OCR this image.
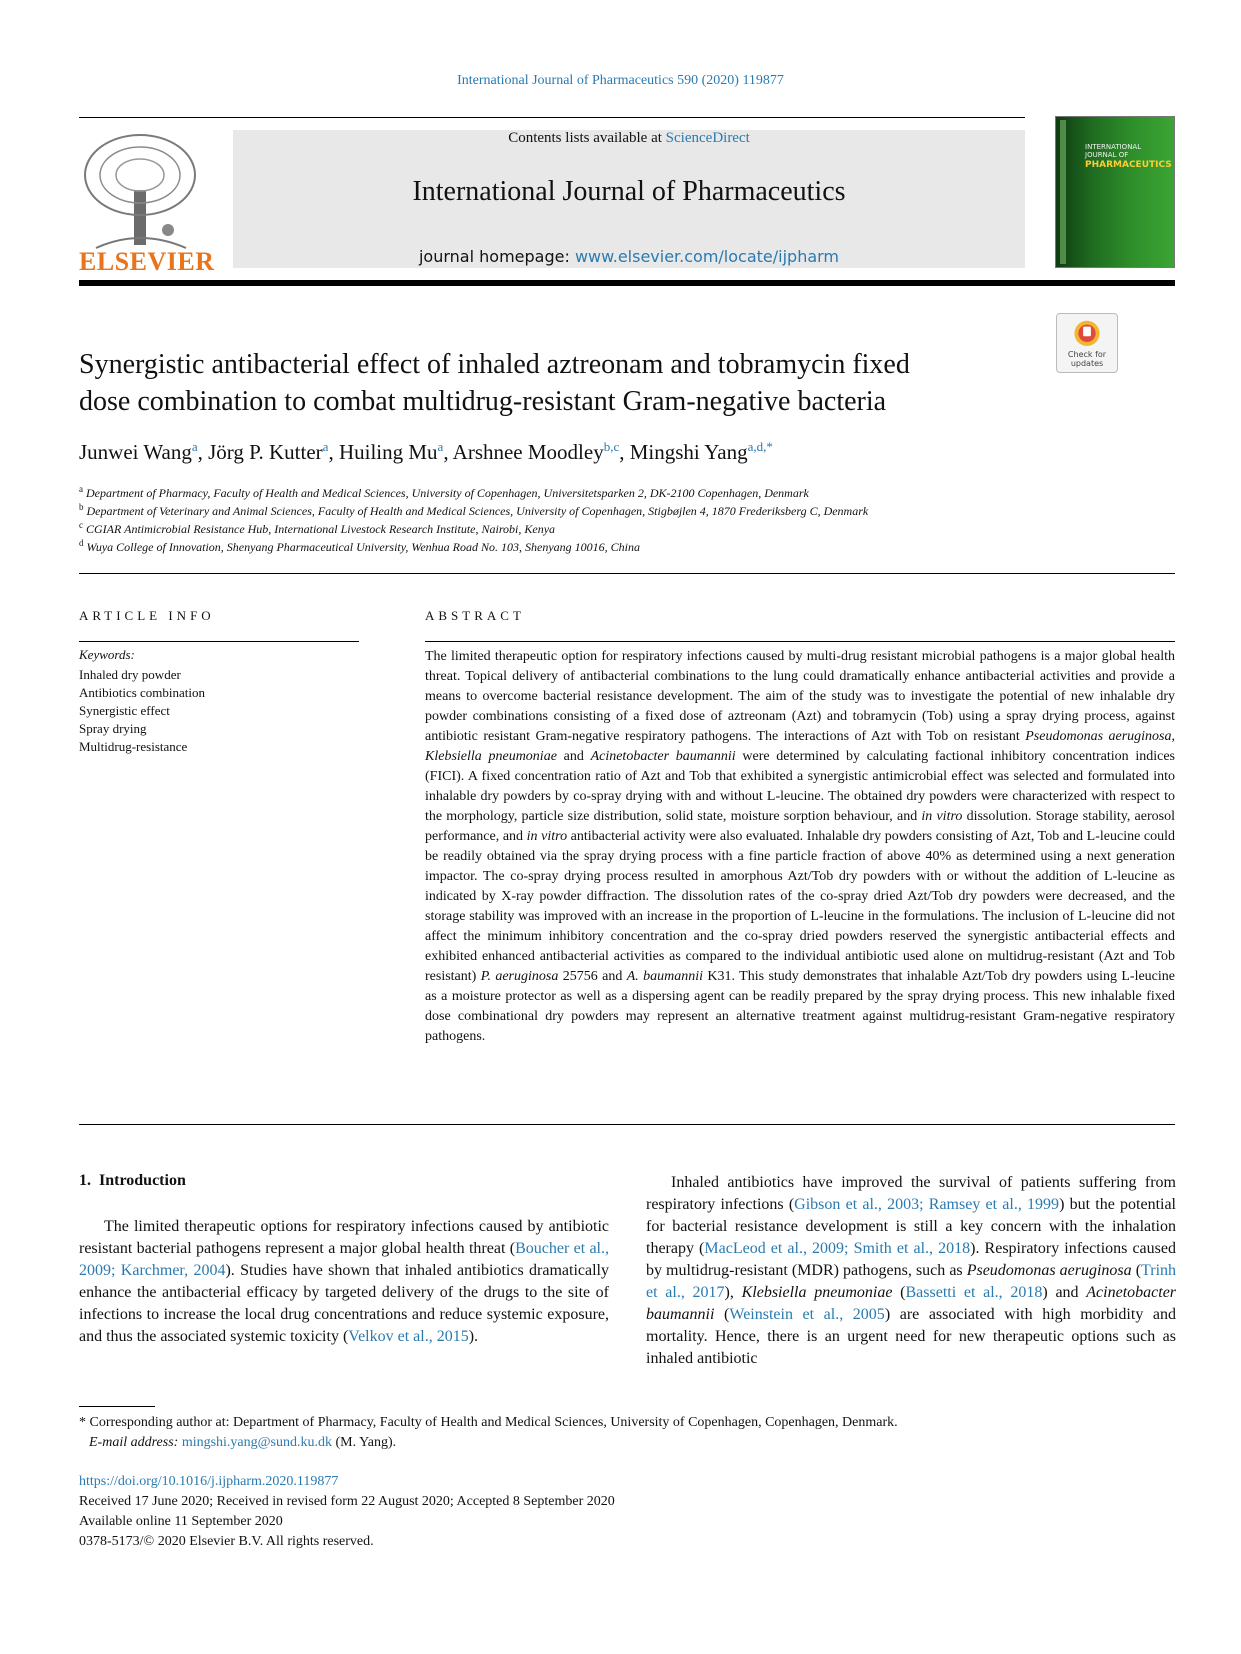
International Journal of Pharmaceutics 590 (2020) 119877
ELSEVIER
Contents lists available at ScienceDirect
International Journal of Pharmaceutics
journal homepage: www.elsevier.com/locate/ijpharm
INTERNATIONAL JOURNAL OF
PHARMACEUTICS
Synergistic antibacterial effect of inhaled aztreonam and tobramycin fixed
dose combination to combat multidrug-resistant Gram-negative bacteria
Check for
updates
Junwei Wang$^a$, Jörg P. Kutter$^a$, Huiling Mu$^a$, Arshnee Moodley$^{b,c}$, Mingshi Yang$^{a,d,*}$
$^a$ Department of Pharmacy, Faculty of Health and Medical Sciences, University of Copenhagen, Universitetsparken 2, DK-2100 Copenhagen, Denmark
$^b$ Department of Veterinary and Animal Sciences, Faculty of Health and Medical Sciences, University of Copenhagen, Stigbøjlen 4, 1870 Frederiksberg C, Denmark
$^c$ CGIAR Antimicrobial Resistance Hub, International Livestock Research Institute, Nairobi, Kenya
$^d$ Wuya College of Innovation, Shenyang Pharmaceutical University, Wenhua Road No. 103, Shenyang 10016, China
ARTICLE INFO	ABSTRACT
Keywords:
Inhaled dry powder
Antibiotics combination
Synergistic effect
Spray drying
Multidrug-resistance
The limited therapeutic option for respiratory infections caused by multi-drug resistant microbial pathogens is a major global health threat. Topical delivery of antibacterial combinations to the lung could dramatically enhance antibacterial activities and provide a means to overcome bacterial resistance development. The aim of the study was to investigate the potential of new inhalable dry powder combinations consisting of a fixed dose of aztreonam (Azt) and tobramycin (Tob) using a spray drying process, against antibiotic resistant Gram-negative respiratory pathogens. The interactions of Azt with Tob on resistant Pseudomonas aeruginosa, Klebsiella pneumoniae and Acinetobacter baumannii were determined by calculating factional inhibitory concentration indices (FICI). A fixed concentration ratio of Azt and Tob that exhibited a synergistic antimicrobial effect was selected and formulated into inhalable dry powders by co-spray drying with and without L-leucine. The obtained dry powders were characterized with respect to the morphology, particle size distribution, solid state, moisture sorption behaviour, and in vitro dissolution. Storage stability, aerosol performance, and in vitro antibacterial activity were also evaluated. Inhalable dry powders consisting of Azt, Tob and L-leucine could be readily obtained via the spray drying process with a fine particle fraction of above 40% as determined using a next generation impactor. The co-spray drying process resulted in amorphous Azt/Tob dry powders with or without the addition of L-leucine as indicated by X-ray powder diffraction. The dissolution rates of the co-spray dried Azt/Tob dry powders were decreased, and the storage stability was improved with an increase in the proportion of L-leucine in the formulations. The inclusion of L-leucine did not affect the minimum inhibitory concentration and the co-spray dried powders reserved the synergistic antibacterial effects and exhibited enhanced antibacterial activities as compared to the individual antibiotic used alone on multidrug-resistant (Azt and Tob resistant) P. aeruginosa 25756 and A. baumannii K31. This study demonstrates that inhalable Azt/Tob dry powders using L-leucine as a moisture protector as well as a dispersing agent can be readily prepared by the spray drying process. This new inhalable fixed dose combinational dry powders may represent an alternative treatment against multidrug-resistant Gram-negative respiratory pathogens.
1. Introduction
The limited therapeutic options for respiratory infections caused by antibiotic resistant bacterial pathogens represent a major global health threat (Boucher et al., 2009; Karchmer, 2004). Studies have shown that inhaled antibiotics dramatically enhance the antibacterial efficacy by targeted delivery of the drugs to the site of infections to increase the local drug concentrations and reduce systemic exposure, and thus the associated systemic toxicity (Velkov et al., 2015).
Inhaled antibiotics have improved the survival of patients suffering from respiratory infections (Gibson et al., 2003; Ramsey et al., 1999) but the potential for bacterial resistance development is still a key concern with the inhalation therapy (MacLeod et al., 2009; Smith et al., 2018). Respiratory infections caused by multidrug-resistant (MDR) pathogens, such as Pseudomonas aeruginosa (Trinh et al., 2017), Klebsiella pneumoniae (Bassetti et al., 2018) and Acinetobacter baumannii (Weinstein et al., 2005) are associated with high morbidity and mortality. Hence, there is an urgent need for new therapeutic options such as inhaled antibiotic
* Corresponding author at: Department of Pharmacy, Faculty of Health and Medical Sciences, University of Copenhagen, Copenhagen, Denmark.
E-mail address: mingshi.yang@sund.ku.dk (M. Yang).
https://doi.org/10.1016/j.ijpharm.2020.119877
Received 17 June 2020; Received in revised form 22 August 2020; Accepted 8 September 2020
Available online 11 September 2020
0378-5173/© 2020 Elsevier B.V. All rights reserved.
